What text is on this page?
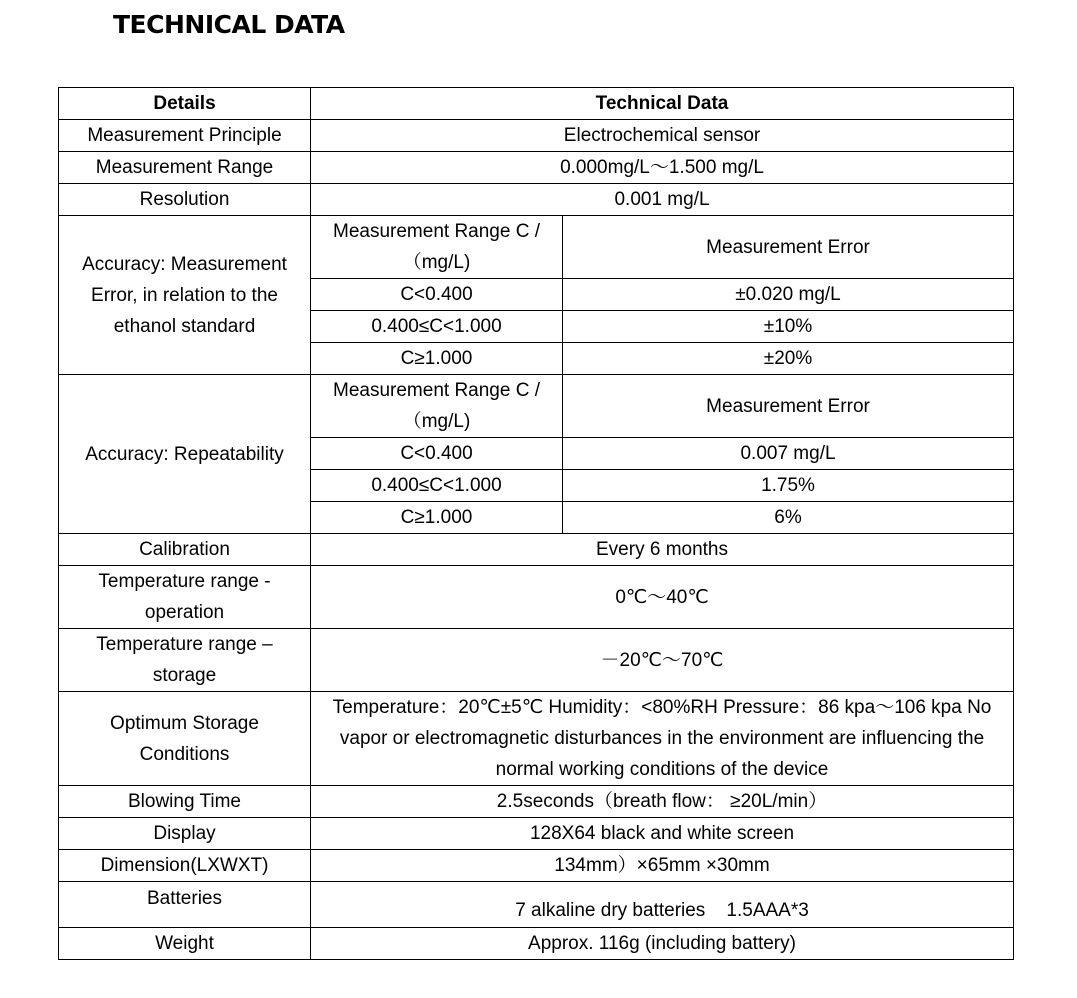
TECHNICAL DATA
Details	Technical Data	
Measurement Principle	Electrochemical sensor	
Measurement Range	0.000mg/L～1.500 mg/L	
Resolution	0.001 mg/L	
Accuracy: Measurement Error, in relation to the ethanol standard	Measurement Range C /（mg/L)	Measurement Error
	C<0.400	±0.020 mg/L
	0.400≤C<1.000	±10%
	C≥1.000	±20%
Accuracy: Repeatability	Measurement Range C /（mg/L)	Measurement Error
	C<0.400	0.007 mg/L
	0.400≤C<1.000	1.75%
	C≥1.000	6%
Calibration	Every 6 months	
Temperature range - operation	0℃～40℃	
Temperature range – storage	－20℃～70℃	
Optimum Storage Conditions	Temperature：20℃±5℃ Humidity：<80%RH Pressure：86 kpa～106 kpa No vapor or electromagnetic disturbances in the environment are influencing the normal working conditions of the device	
Blowing Time	2.5seconds（breath flow： ≥20L/min）	
Display	128X64 black and white screen	
Dimension(LXWXT)	134mm）×65mm ×30mm	
Batteries	7 alkaline dry batteries    1.5AAA*3	
Weight	Approx. 116g (including battery)	
